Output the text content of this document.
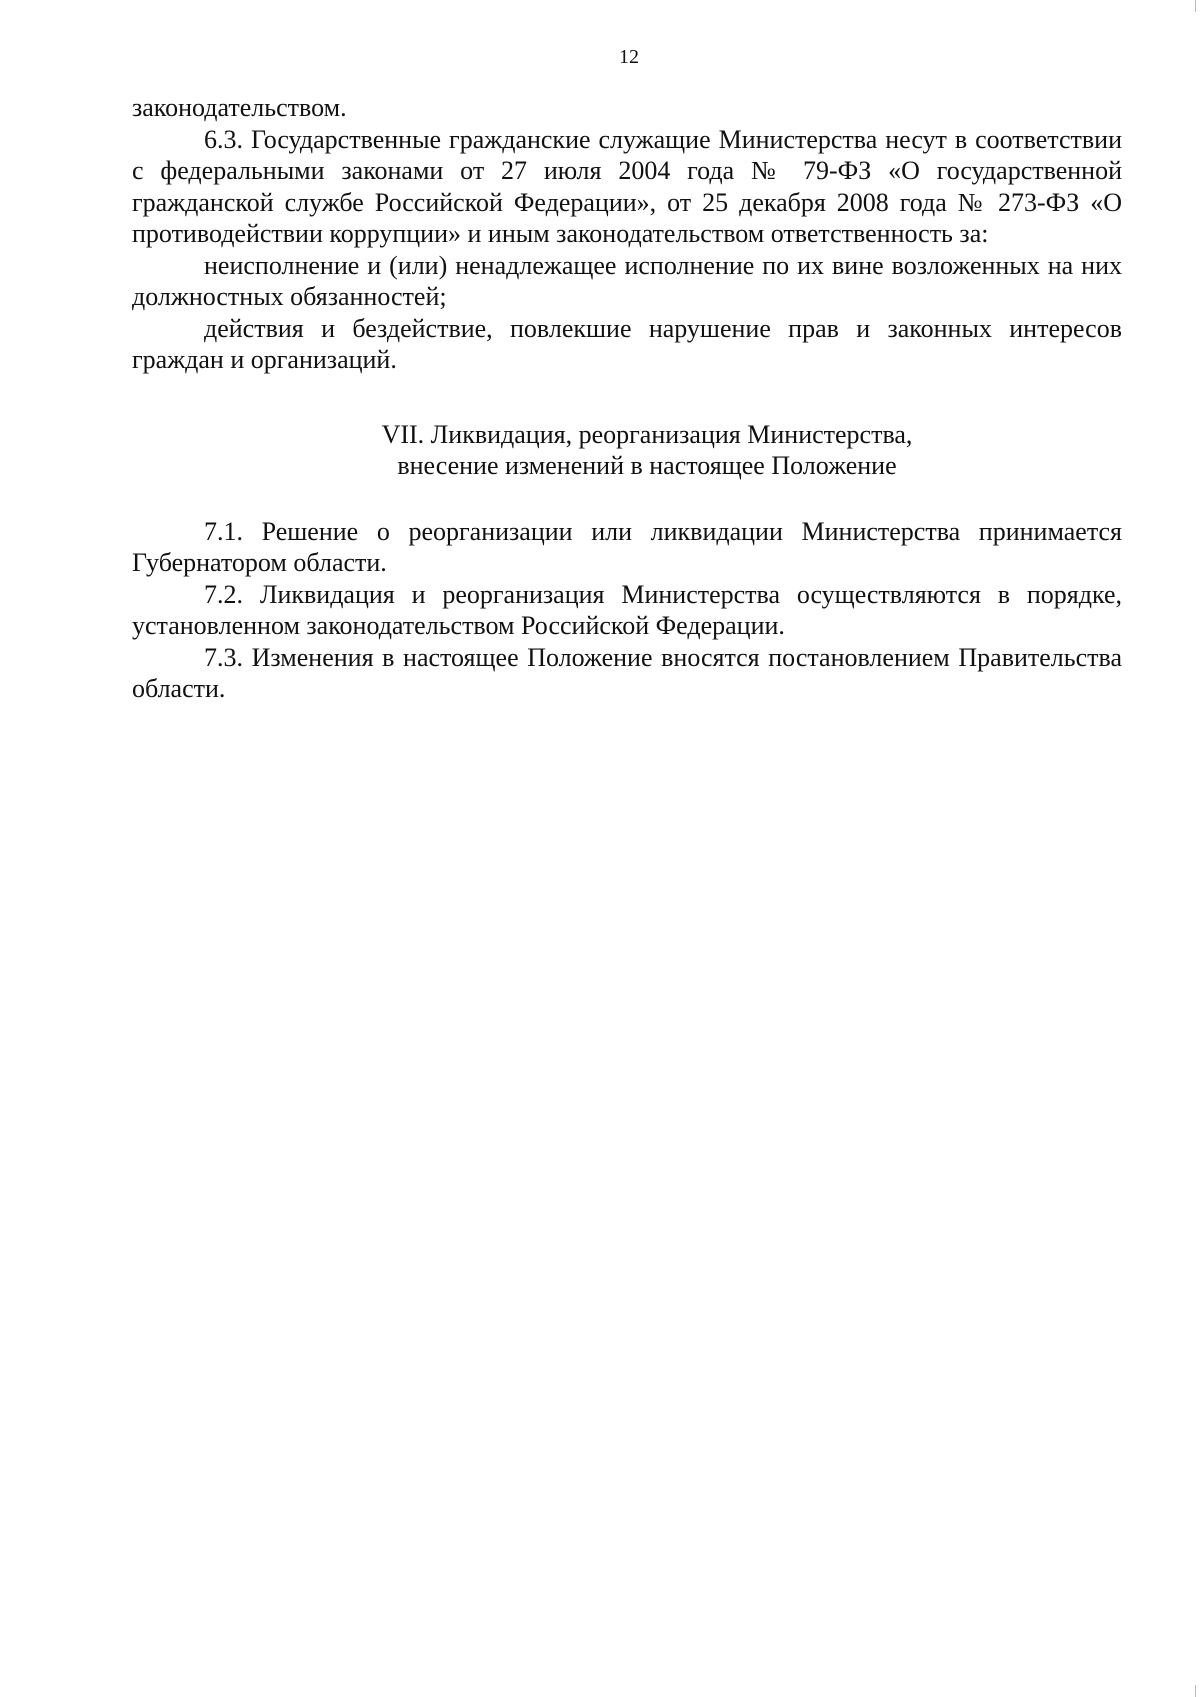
12

законодательством.

6.3. Государственные гражданские служащие Министерства несут в соответствии с федеральными законами от 27 июля 2004 года № 79-ФЗ «О государственной гражданской службе Российской Федерации», от 25 декабря 2008 года № 273-ФЗ «О противодействии коррупции» и иным законодательством ответственность за:

неисполнение и (или) ненадлежащее исполнение по их вине возложенных на них должностных обязанностей;

действия и бездействие, повлекшие нарушение прав и законных интересов граждан и организаций.

VII. Ликвидация, реорганизация Министерства,
внесение изменений в настоящее Положение

7.1. Решение о реорганизации или ликвидации Министерства принимается Губернатором области.

7.2. Ликвидация и реорганизация Министерства осуществляются в порядке, установленном законодательством Российской Федерации.

7.3. Изменения в настоящее Положение вносятся постановлением Правительства области.
